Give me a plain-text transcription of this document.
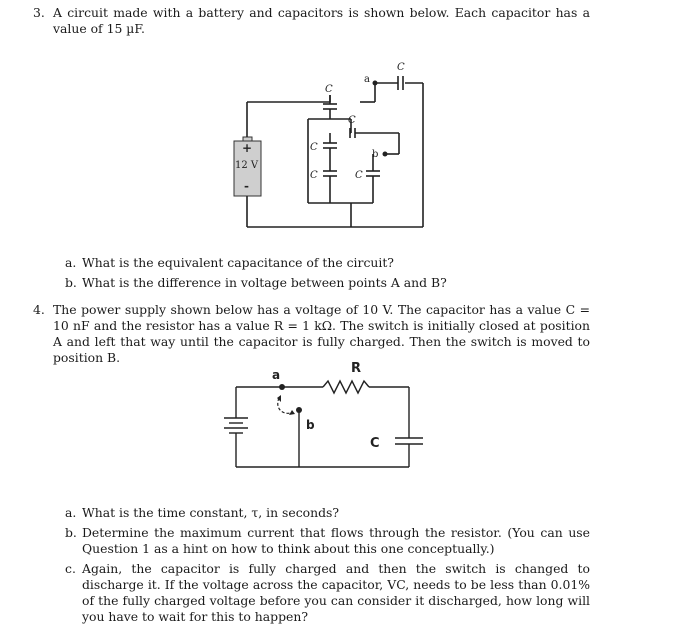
3. A circuit made with a battery and capacitors is shown below. Each capacitor has a value of 15 µF.
+
12 V
-
a
b
C
C
C
C
C	C
a. What is the equivalent capacitance of the circuit?
b. What is the difference in voltage between points A and B?
4. The power supply shown below has a voltage of 10 V. The capacitor has a value C = 10 nF and the resistor has a value R = 1 kΩ. The switch is initially closed at position A and left that way until the capacitor is fully charged. Then the switch is moved to position B.
a
b
R
C
a. What is the time constant, τ, in seconds?
b. Determine the maximum current that flows through the resistor. (You can use Question 1 as a hint on how to think about this one conceptually.)
c. Again, the capacitor is fully charged and then the switch is changed to discharge it. If the voltage across the capacitor, VC, needs to be less than 0.01% of the fully charged voltage before you can consider it discharged, how long will you have to wait for this to happen?
